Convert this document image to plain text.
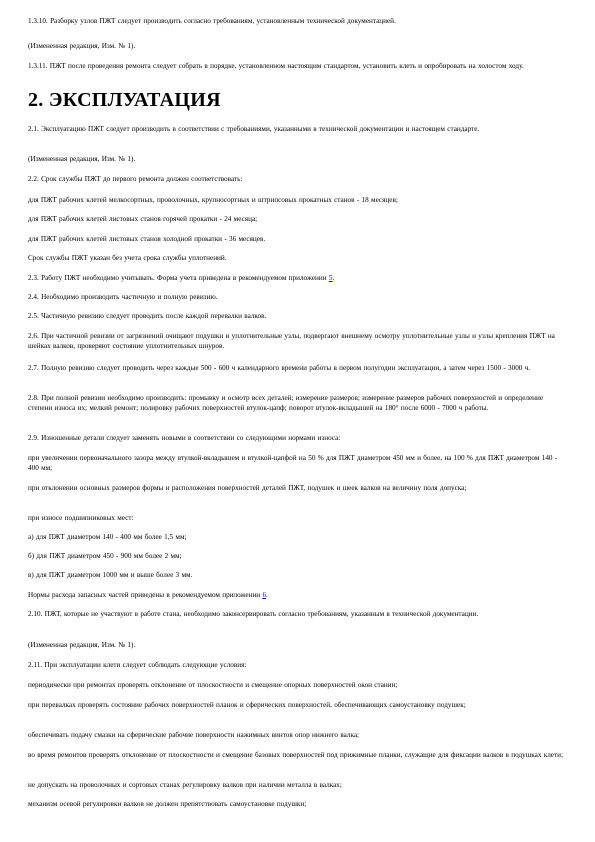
1.3.10. Разборку узлов ПЖТ следует производить согласно требованиям, установленным технической документацией.
(Измененная редакция, Изм. № 1).
1.3.11. ПЖТ после проведения ремонта следует собрать в порядке, установленном настоящим стандартом, установить клеть и опробировать на холостом ходу.
2. ЭКСПЛУАТАЦИЯ
2.1. Эксплуатацию ПЖТ следует производить в соответствии с требованиями, указанными в технической документации и настоящем стандарте.
(Измененная редакция, Изм. № 1).
2.2. Срок службы ПЖТ до первого ремонта должен соответствовать:
для ПЖТ рабочих клетей мелкосортных, проволочных, крупносортных и штрипсовых прокатных станов - 18 месяцев;
для ПЖТ рабочих клетей листовых станов горячей прокатки - 24 месяца;
для ПЖТ рабочих клетей листовых станов холодной прокатки - 36 месяцев.
Срок службы ПЖТ указан без учета срока службы уплотнений.
2.3. Работу ПЖТ необходимо учитывать. Форма учета приведена в рекомендуемом приложении 5.
2.4. Необходимо производить частичную и полную ревизию.
2.5. Частичную ревизию следует проводить после каждой перевалки валков.
2.6. При частичной ревизии от загрязнений очищают подушки и уплотнительные узлы, подвергают внешнему осмотру уплотнительные узлы и узлы крепления ПЖТ на шейках валков, проверяют состояние уплотнительных шнуров.
2.7. Полную ревизию следует проводить через каждые 500 - 600 ч календарного времени работы в первом полугодии эксплуатации, а затем через 1500 - 3000 ч.
2.8. При полной ревизии необходимо производить: промывку и осмотр всех деталей; измерение размеров; измерение размеров рабочих поверхностей и определение степени износа их; мелкий ремонт; полировку рабочих поверхностей втулок-цапф; поворот втулок-вкладышей на 180° после 6000 - 7000 ч работы.
2.9. Изношенные детали следует заменять новыми в соответствии со следующими нормами износа:
при увеличении первоначального зазора между втулкой-вкладышем и втулкой-цапфой на 50 % для ПЖТ диаметром 450 мм и более, на 100 % для ПЖТ диаметром 140 - 400 мм;
при отклонении основных размеров формы и расположения поверхностей деталей ПЖТ, подушек и шеек валков на величину поля допуска;
при износе подшипниковых мест:
а) для ПЖТ диаметром 140 - 400 мм более 1,5 мм;
б) для ПЖТ диаметром 450 - 900 мм более 2 мм;
в) для ПЖТ диаметром 1000 мм и выше более 3 мм.
Нормы расхода запасных частей приведены в рекомендуемом приложении 6.
2.10. ПЖТ, которые не участвуют в работе стана, необходимо законсервировать согласно требованиям, указанным в технической документации.
(Измененная редакция, Изм. № 1).
2.11. При эксплуатации клети следует соблюдать следующие условия:
периодически при ремонтах проверять отклонение от плоскостности и смещение опорных поверхностей окон станин;
при перевалках проверять состояние рабочих поверхностей планок и сферических поверхностей, обеспечивающих самоустановку подушек;
обеспечивать подачу смазки на сферические рабочие поверхности нажимных винтов опор нижнего валка;
во время ремонтов проверять отклонение от плоскостности и смещение базовых поверхностей под прижимные планки, служащие для фиксации валков в подушках клети;
не допускать на проволочных и сортовых станах регулировку валков при наличии металла в валках;
механизм осевой регулировки валков не должен препятствовать самоустановке подушки;
